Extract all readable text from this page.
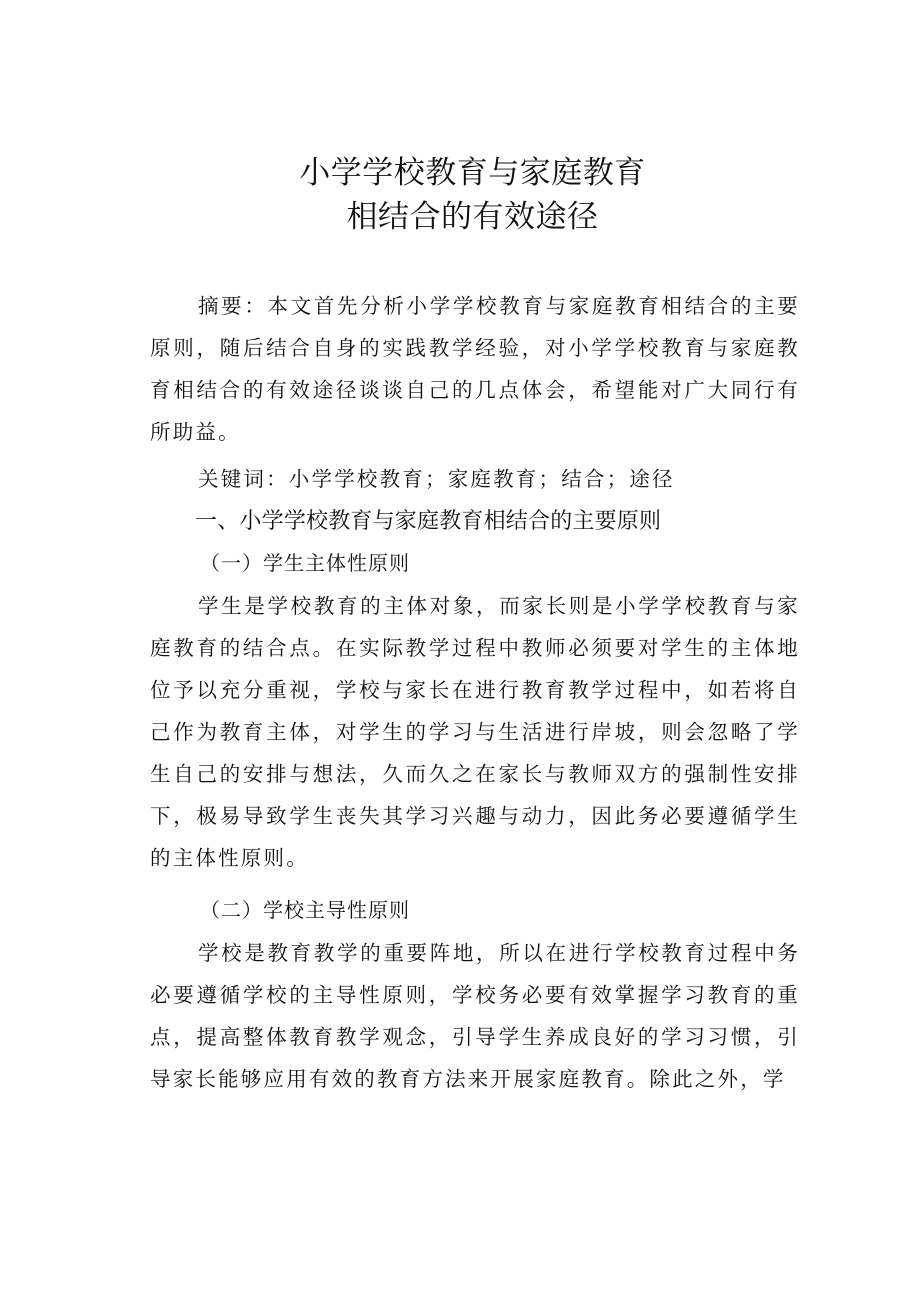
小学学校教育与家庭教育
相结合的有效途径

摘要：本文首先分析小学学校教育与家庭教育相结合的主要原则，随后结合自身的实践教学经验，对小学学校教育与家庭教育相结合的有效途径谈谈自己的几点体会，希望能对广大同行有所助益。

关键词：小学学校教育；家庭教育；结合；途径

一、小学学校教育与家庭教育相结合的主要原则
（一）学生主体性原则

学生是学校教育的主体对象，而家长则是小学学校教育与家庭教育的结合点。在实际教学过程中教师必须要对学生的主体地位予以充分重视，学校与家长在进行教育教学过程中，如若将自己作为教育主体，对学生的学习与生活进行岸坡，则会忽略了学生自己的安排与想法，久而久之在家长与教师双方的强制性安排下，极易导致学生丧失其学习兴趣与动力，因此务必要遵循学生的主体性原则。

（二）学校主导性原则

学校是教育教学的重要阵地，所以在进行学校教育过程中务必要遵循学校的主导性原则，学校务必要有效掌握学习教育的重点，提高整体教育教学观念，引导学生养成良好的学习习惯，引导家长能够应用有效的教育方法来开展家庭教育。除此之外，学
